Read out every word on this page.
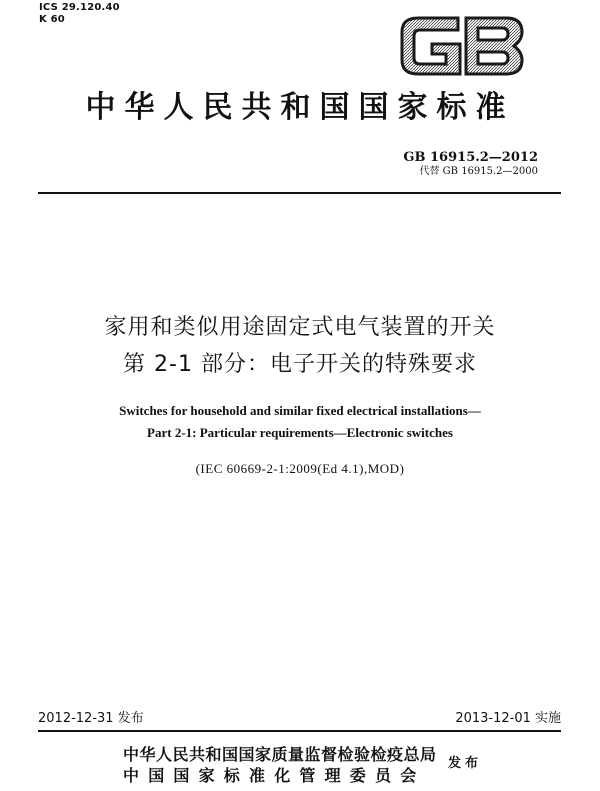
ICS 29.120.40
K 60
中华人民共和国国家标准
GB 16915.2—2012
代替 GB 16915.2—2000
家用和类似用途固定式电气装置的开关
第 2-1 部分：电子开关的特殊要求
Switches for household and similar fixed electrical installations—
Part 2-1: Particular requirements—Electronic switches
(IEC 60669-2-1:2009(Ed 4.1),MOD)
2012-12-31 发布	2013-12-01 实施
中华人民共和国国家质量监督检验检疫总局
中国国家标准化管理委员会
发布
